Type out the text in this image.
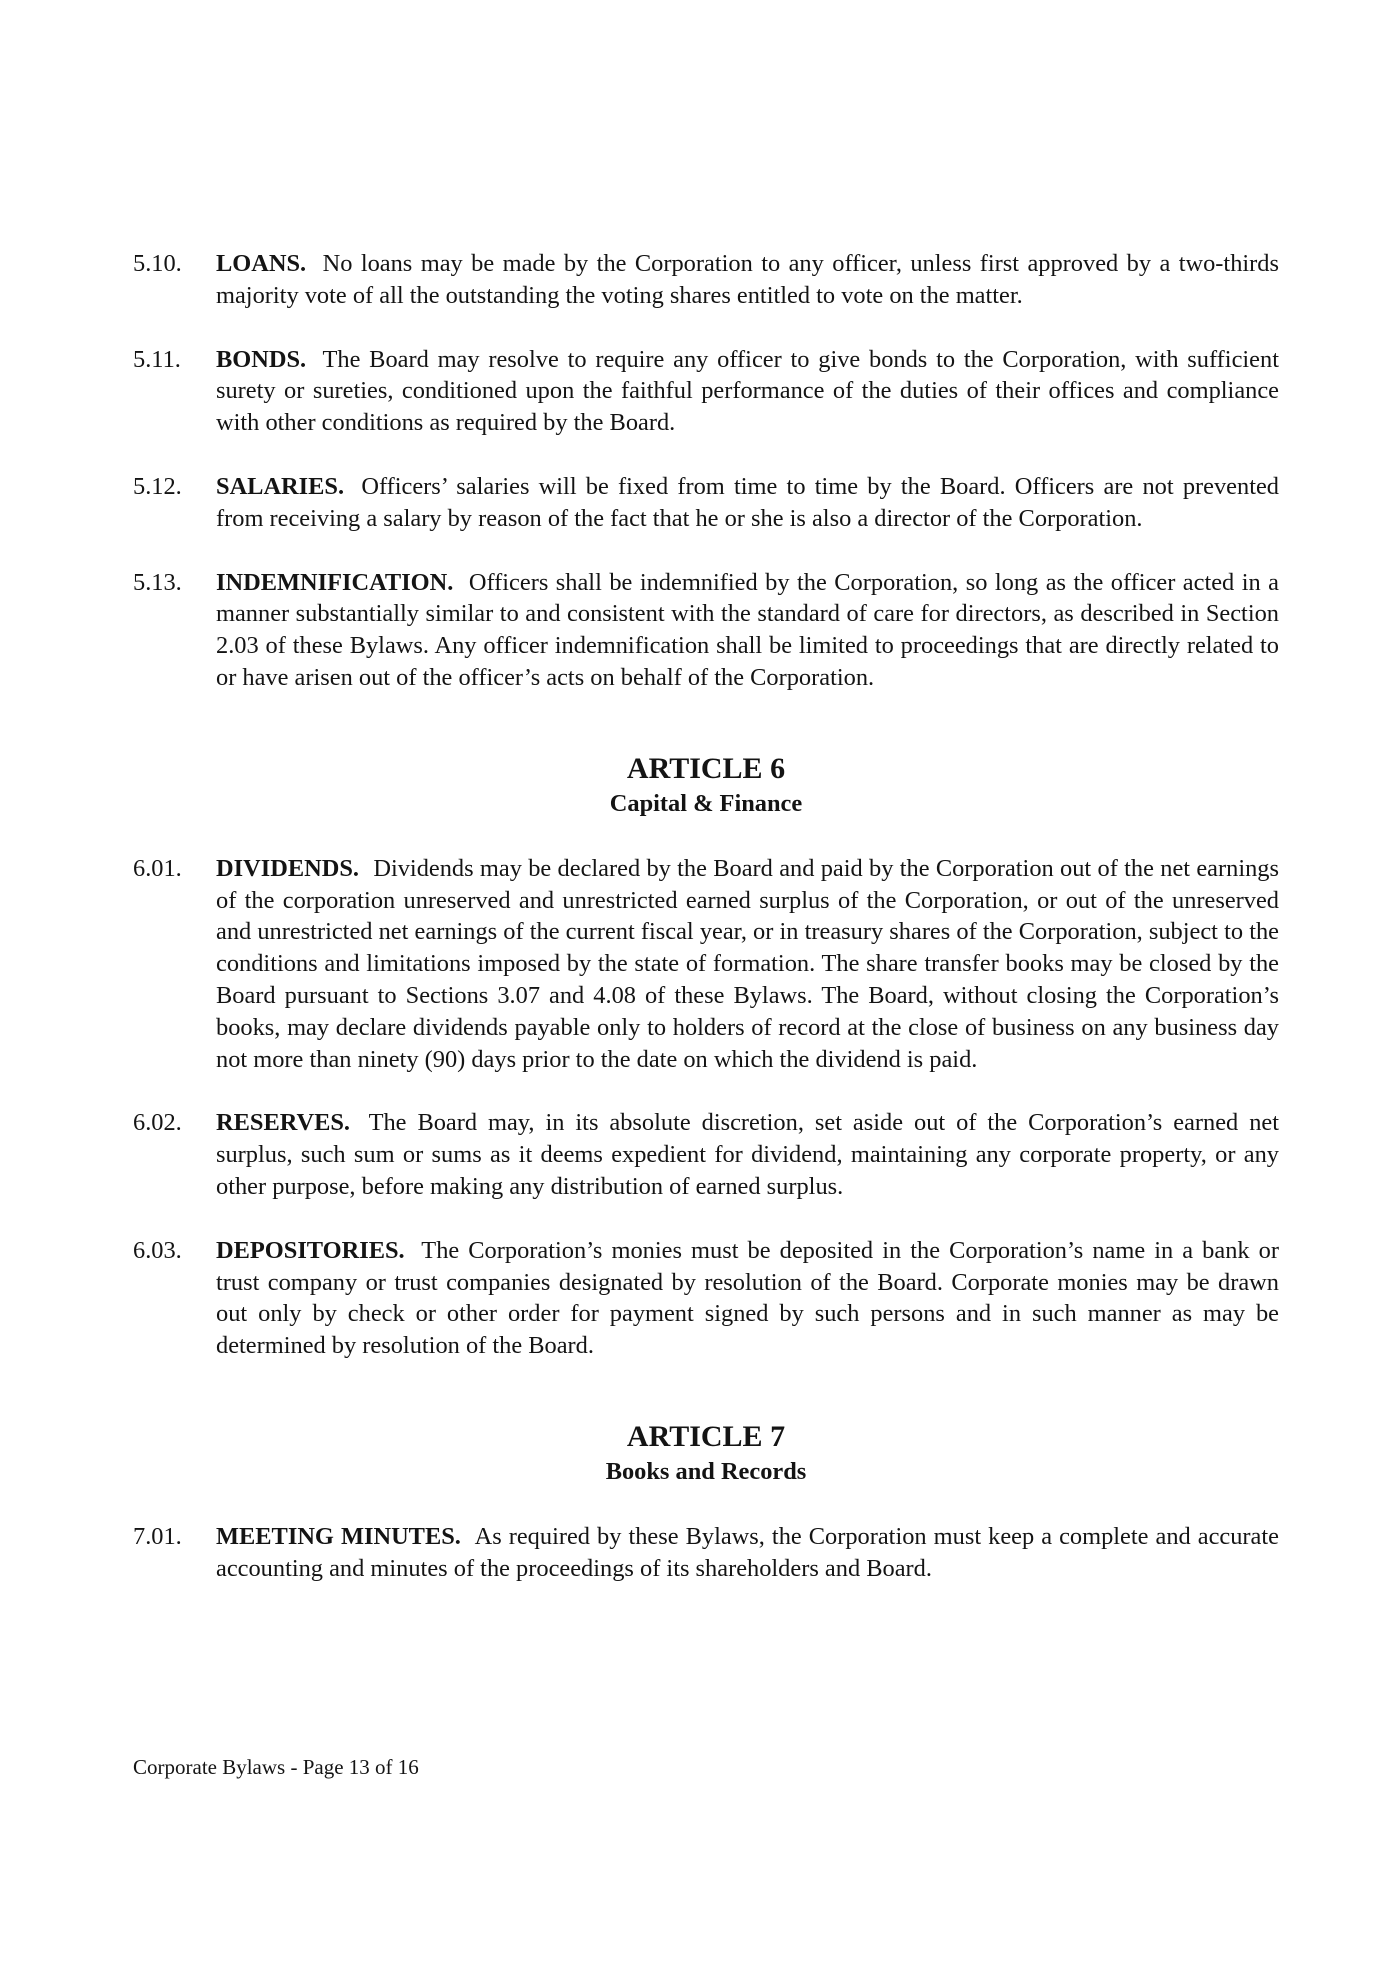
5.10.	LOANS. No loans may be made by the Corporation to any officer, unless first approved by a two-thirds majority vote of all the outstanding the voting shares entitled to vote on the matter.
5.11.	BONDS. The Board may resolve to require any officer to give bonds to the Corporation, with sufficient surety or sureties, conditioned upon the faithful performance of the duties of their offices and compliance with other conditions as required by the Board.
5.12.	SALARIES. Officers’ salaries will be fixed from time to time by the Board. Officers are not prevented from receiving a salary by reason of the fact that he or she is also a director of the Corporation.
5.13.	INDEMNIFICATION. Officers shall be indemnified by the Corporation, so long as the officer acted in a manner substantially similar to and consistent with the standard of care for directors, as described in Section 2.03 of these Bylaws. Any officer indemnification shall be limited to proceedings that are directly related to or have arisen out of the officer’s acts on behalf of the Corporation.
ARTICLE 6
Capital & Finance
6.01.	DIVIDENDS. Dividends may be declared by the Board and paid by the Corporation out of the net earnings of the corporation unreserved and unrestricted earned surplus of the Corporation, or out of the unreserved and unrestricted net earnings of the current fiscal year, or in treasury shares of the Corporation, subject to the conditions and limitations imposed by the state of formation. The share transfer books may be closed by the Board pursuant to Sections 3.07 and 4.08 of these Bylaws. The Board, without closing the Corporation’s books, may declare dividends payable only to holders of record at the close of business on any business day not more than ninety (90) days prior to the date on which the dividend is paid.
6.02.	RESERVES. The Board may, in its absolute discretion, set aside out of the Corporation’s earned net surplus, such sum or sums as it deems expedient for dividend, maintaining any corporate property, or any other purpose, before making any distribution of earned surplus.
6.03.	DEPOSITORIES. The Corporation’s monies must be deposited in the Corporation’s name in a bank or trust company or trust companies designated by resolution of the Board. Corporate monies may be drawn out only by check or other order for payment signed by such persons and in such manner as may be determined by resolution of the Board.
ARTICLE 7
Books and Records
7.01.	MEETING MINUTES. As required by these Bylaws, the Corporation must keep a complete and accurate accounting and minutes of the proceedings of its shareholders and Board.
Corporate Bylaws - Page 13 of 16
